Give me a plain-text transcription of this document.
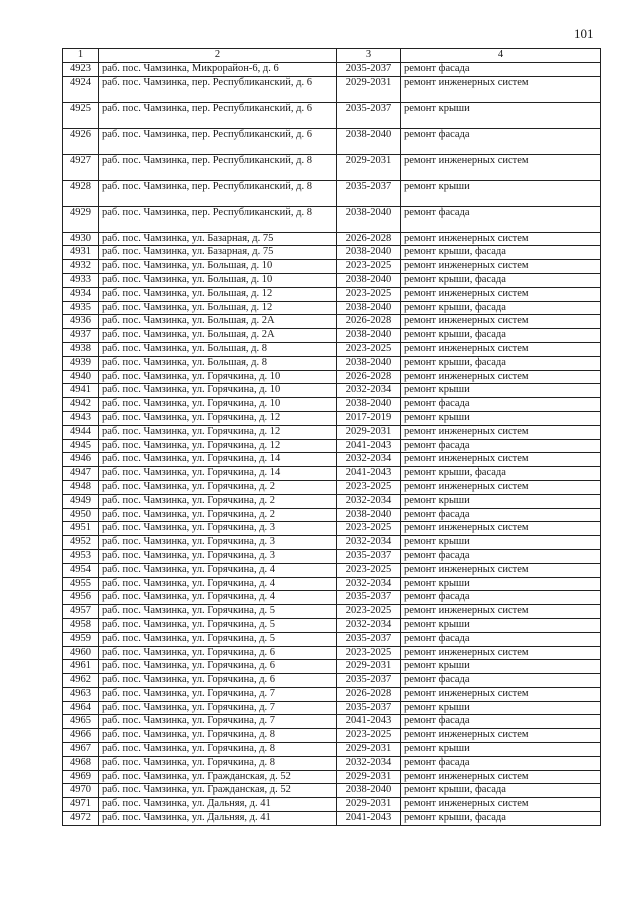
101
1	2	3	4
4923	раб. пос. Чамзинка, Микрорайон-6, д. 6	2035-2037	ремонт фасада
4924	раб. пос. Чамзинка, пер. Республиканский, д. 6	2029-2031	ремонт инженерных систем
4925	раб. пос. Чамзинка, пер. Республиканский, д. 6	2035-2037	ремонт крыши
4926	раб. пос. Чамзинка, пер. Республиканский, д. 6	2038-2040	ремонт фасада
4927	раб. пос. Чамзинка, пер. Республиканский, д. 8	2029-2031	ремонт инженерных систем
4928	раб. пос. Чамзинка, пер. Республиканский, д. 8	2035-2037	ремонт крыши
4929	раб. пос. Чамзинка, пер. Республиканский, д. 8	2038-2040	ремонт фасада
4930	раб. пос. Чамзинка, ул. Базарная, д. 75	2026-2028	ремонт инженерных систем
4931	раб. пос. Чамзинка, ул. Базарная, д. 75	2038-2040	ремонт крыши, фасада
4932	раб. пос. Чамзинка, ул. Большая, д. 10	2023-2025	ремонт инженерных систем
4933	раб. пос. Чамзинка, ул. Большая, д. 10	2038-2040	ремонт крыши, фасада
4934	раб. пос. Чамзинка, ул. Большая, д. 12	2023-2025	ремонт инженерных систем
4935	раб. пос. Чамзинка, ул. Большая, д. 12	2038-2040	ремонт крыши, фасада
4936	раб. пос. Чамзинка, ул. Большая, д. 2А	2026-2028	ремонт инженерных систем
4937	раб. пос. Чамзинка, ул. Большая, д. 2А	2038-2040	ремонт крыши, фасада
4938	раб. пос. Чамзинка, ул. Большая, д. 8	2023-2025	ремонт инженерных систем
4939	раб. пос. Чамзинка, ул. Большая, д. 8	2038-2040	ремонт крыши, фасада
4940	раб. пос. Чамзинка, ул. Горячкина, д. 10	2026-2028	ремонт инженерных систем
4941	раб. пос. Чамзинка, ул. Горячкина, д. 10	2032-2034	ремонт крыши
4942	раб. пос. Чамзинка, ул. Горячкина, д. 10	2038-2040	ремонт фасада
4943	раб. пос. Чамзинка, ул. Горячкина, д. 12	2017-2019	ремонт крыши
4944	раб. пос. Чамзинка, ул. Горячкина, д. 12	2029-2031	ремонт инженерных систем
4945	раб. пос. Чамзинка, ул. Горячкина, д. 12	2041-2043	ремонт фасада
4946	раб. пос. Чамзинка, ул. Горячкина, д. 14	2032-2034	ремонт инженерных систем
4947	раб. пос. Чамзинка, ул. Горячкина, д. 14	2041-2043	ремонт крыши, фасада
4948	раб. пос. Чамзинка, ул. Горячкина, д. 2	2023-2025	ремонт инженерных систем
4949	раб. пос. Чамзинка, ул. Горячкина, д. 2	2032-2034	ремонт крыши
4950	раб. пос. Чамзинка, ул. Горячкина, д. 2	2038-2040	ремонт фасада
4951	раб. пос. Чамзинка, ул. Горячкина, д. 3	2023-2025	ремонт инженерных систем
4952	раб. пос. Чамзинка, ул. Горячкина, д. 3	2032-2034	ремонт крыши
4953	раб. пос. Чамзинка, ул. Горячкина, д. 3	2035-2037	ремонт фасада
4954	раб. пос. Чамзинка, ул. Горячкина, д. 4	2023-2025	ремонт инженерных систем
4955	раб. пос. Чамзинка, ул. Горячкина, д. 4	2032-2034	ремонт крыши
4956	раб. пос. Чамзинка, ул. Горячкина, д. 4	2035-2037	ремонт фасада
4957	раб. пос. Чамзинка, ул. Горячкина, д. 5	2023-2025	ремонт инженерных систем
4958	раб. пос. Чамзинка, ул. Горячкина, д. 5	2032-2034	ремонт крыши
4959	раб. пос. Чамзинка, ул. Горячкина, д. 5	2035-2037	ремонт фасада
4960	раб. пос. Чамзинка, ул. Горячкина, д. 6	2023-2025	ремонт инженерных систем
4961	раб. пос. Чамзинка, ул. Горячкина, д. 6	2029-2031	ремонт крыши
4962	раб. пос. Чамзинка, ул. Горячкина, д. 6	2035-2037	ремонт фасада
4963	раб. пос. Чамзинка, ул. Горячкина, д. 7	2026-2028	ремонт инженерных систем
4964	раб. пос. Чамзинка, ул. Горячкина, д. 7	2035-2037	ремонт крыши
4965	раб. пос. Чамзинка, ул. Горячкина, д. 7	2041-2043	ремонт фасада
4966	раб. пос. Чамзинка, ул. Горячкина, д. 8	2023-2025	ремонт инженерных систем
4967	раб. пос. Чамзинка, ул. Горячкина, д. 8	2029-2031	ремонт крыши
4968	раб. пос. Чамзинка, ул. Горячкина, д. 8	2032-2034	ремонт фасада
4969	раб. пос. Чамзинка, ул. Гражданская, д. 52	2029-2031	ремонт инженерных систем
4970	раб. пос. Чамзинка, ул. Гражданская, д. 52	2038-2040	ремонт крыши, фасада
4971	раб. пос. Чамзинка, ул. Дальняя, д. 41	2029-2031	ремонт инженерных систем
4972	раб. пос. Чамзинка, ул. Дальняя, д. 41	2041-2043	ремонт крыши, фасада
